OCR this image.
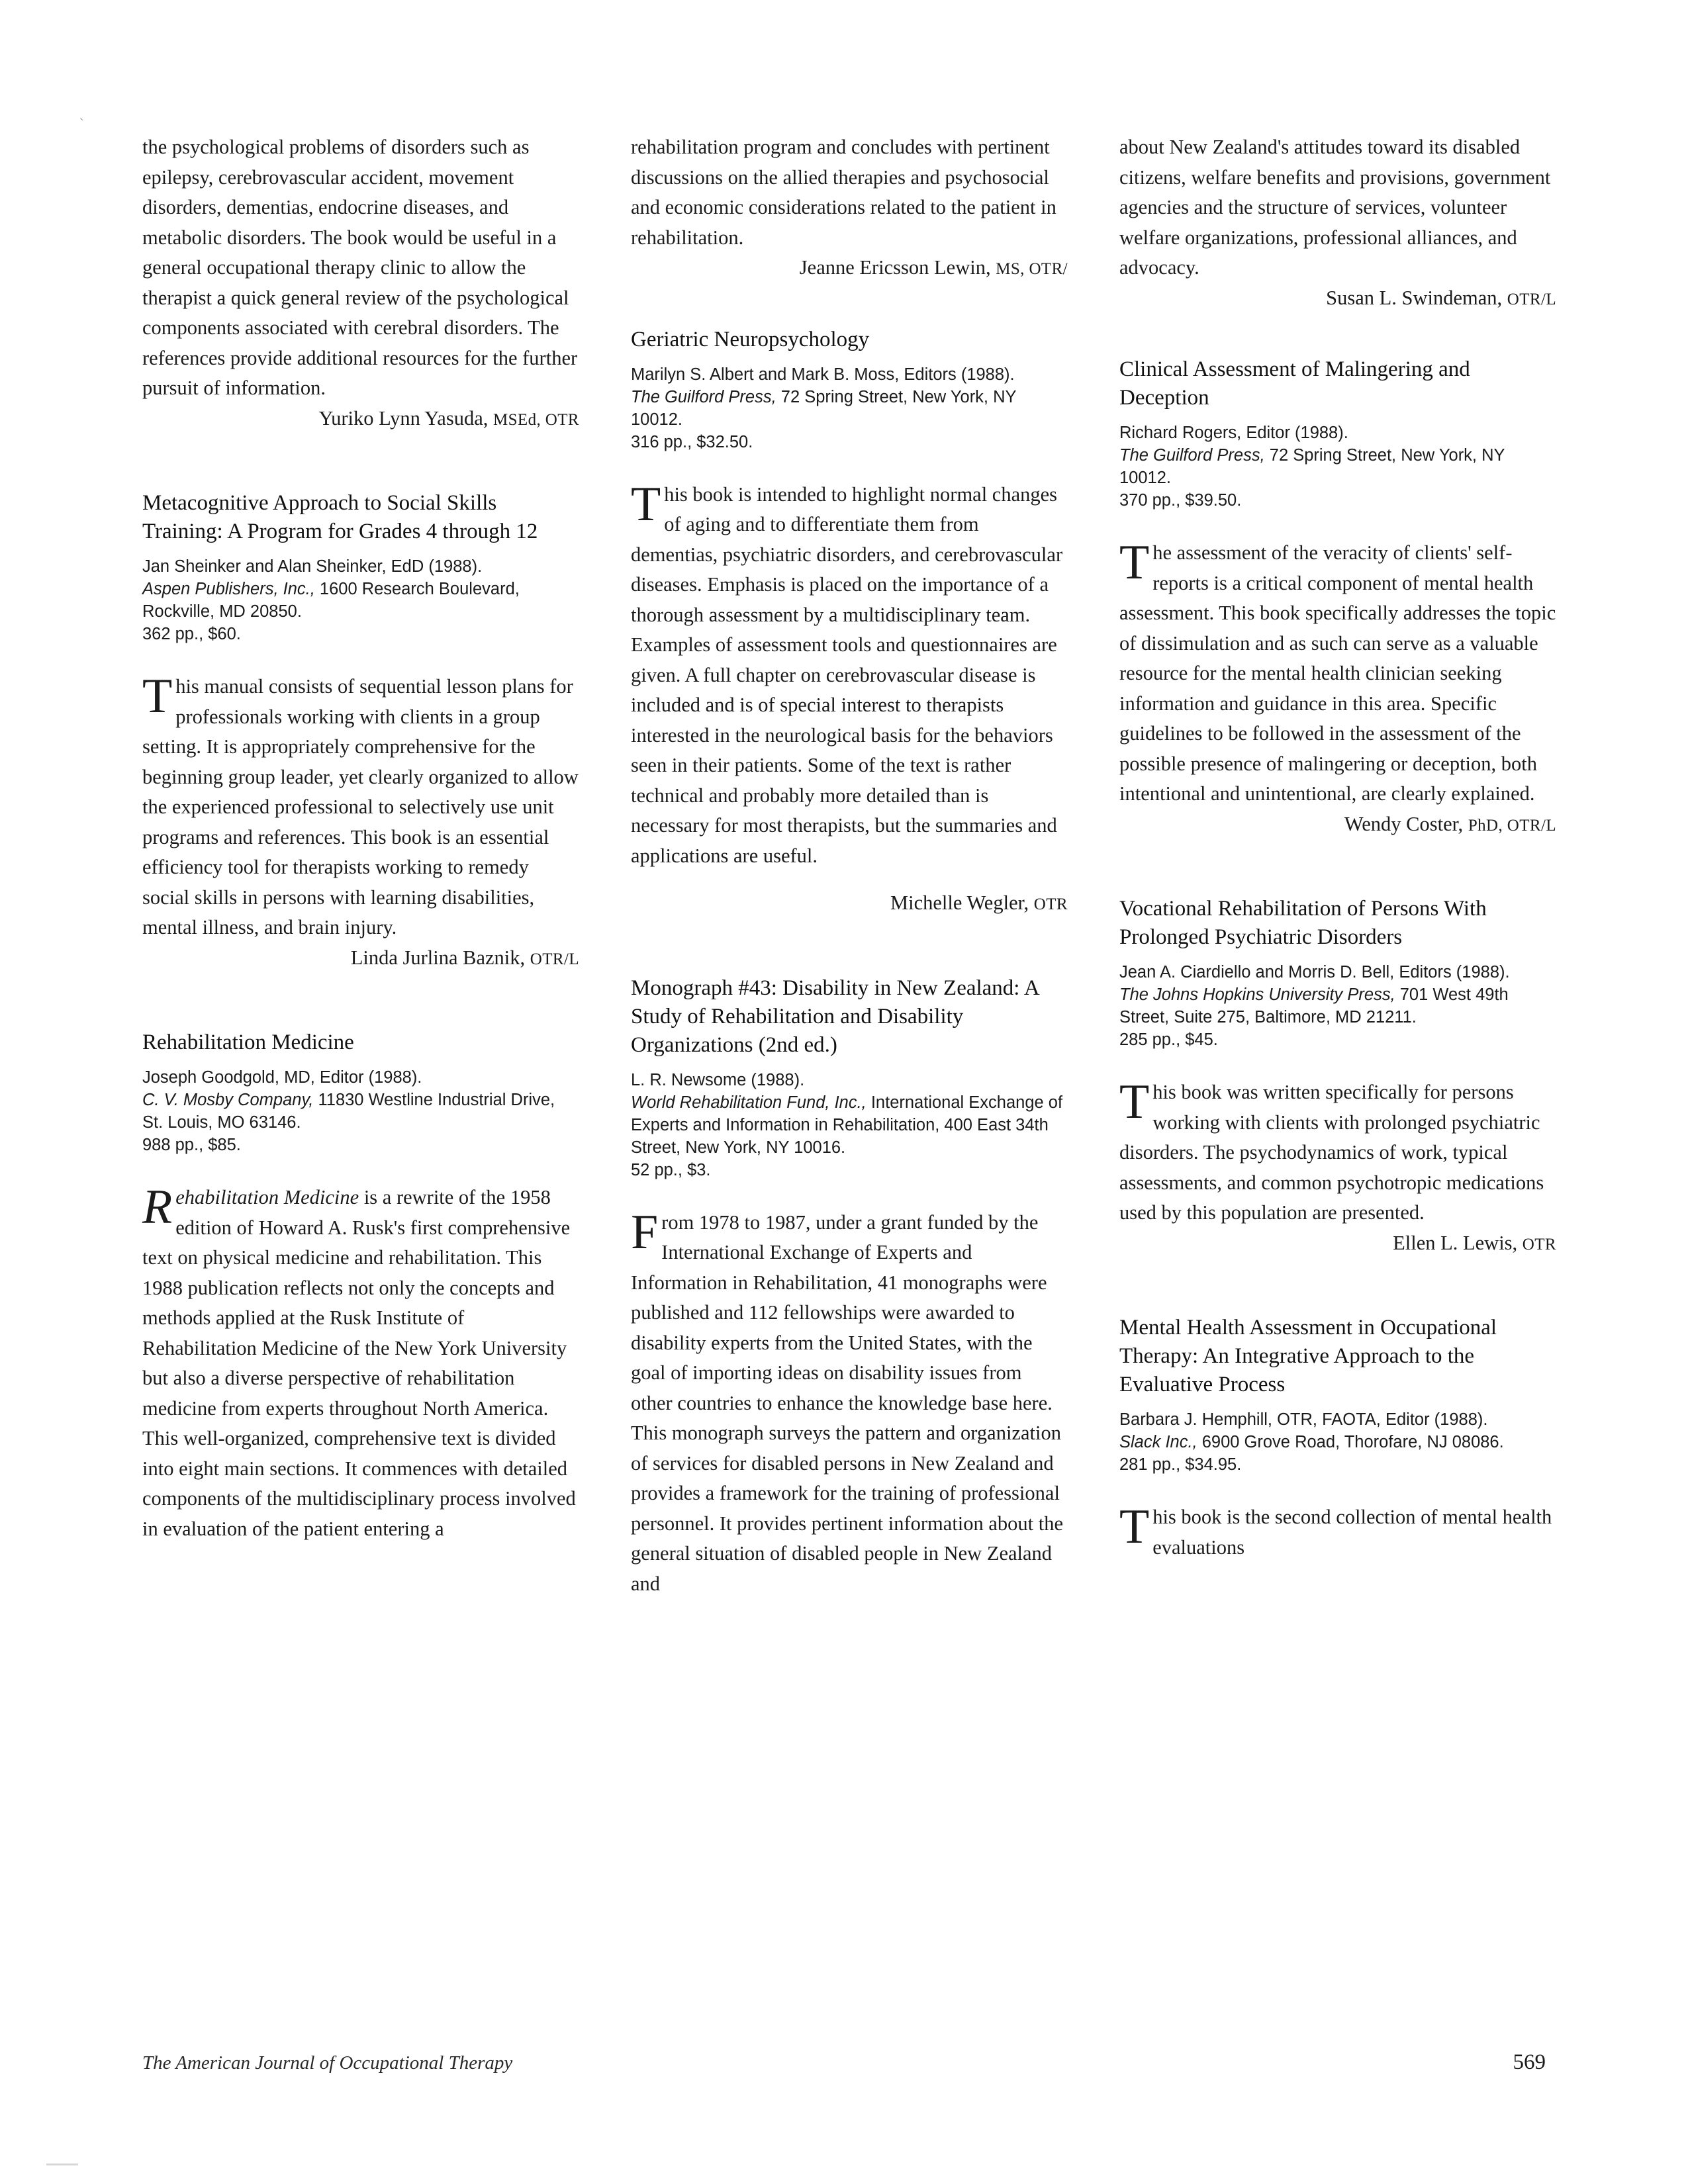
`

the psychological problems of disorders such as epilepsy, cerebrovascular accident, movement disorders, dementias, endocrine diseases, and metabolic disorders. The book would be useful in a general occupational therapy clinic to allow the therapist a quick general review of the psychological components associated with cerebral disorders. The references provide additional resources for the further pursuit of information.

Yuriko Lynn Yasuda, MSEd, OTR

Metacognitive Approach to Social Skills Training: A Program for Grades 4 through 12

Jan Sheinker and Alan Sheinker, EdD (1988).

Aspen Publishers, Inc., 1600 Research Boulevard, Rockville, MD 20850.

362 pp., $60.

This manual consists of sequential lesson plans for professionals working with clients in a group setting. It is appropriately comprehensive for the beginning group leader, yet clearly organized to allow the experienced professional to selectively use unit programs and references. This book is an essential efficiency tool for therapists working to remedy social skills in persons with learning disabilities, mental illness, and brain injury.

Linda Jurlina Baznik, OTR/L

Rehabilitation Medicine

Joseph Goodgold, MD, Editor (1988).

C. V. Mosby Company, 11830 Westline Industrial Drive, St. Louis, MO 63146.

988 pp., $85.

Rehabilitation Medicine is a rewrite of the 1958 edition of Howard A. Rusk's first comprehensive text on physical medicine and rehabilitation. This 1988 publication reflects not only the concepts and methods applied at the Rusk Institute of Rehabilitation Medicine of the New York University but also a diverse perspective of rehabilitation medicine from experts throughout North America. This well-organized, comprehensive text is divided into eight main sections. It commences with detailed components of the multidisciplinary process involved in evaluation of the patient entering a

rehabilitation program and concludes with pertinent discussions on the allied therapies and psychosocial and economic considerations related to the patient in rehabilitation.

Jeanne Ericsson Lewin, MS, OTR/

Geriatric Neuropsychology

Marilyn S. Albert and Mark B. Moss, Editors (1988).

The Guilford Press, 72 Spring Street, New York, NY 10012.

316 pp., $32.50.

This book is intended to highlight normal changes of aging and to differentiate them from dementias, psychiatric disorders, and cerebrovascular diseases. Emphasis is placed on the importance of a thorough assessment by a multidisciplinary team. Examples of assessment tools and questionnaires are given. A full chapter on cerebrovascular disease is included and is of special interest to therapists interested in the neurological basis for the behaviors seen in their patients. Some of the text is rather technical and probably more detailed than is necessary for most therapists, but the summaries and applications are useful.

Michelle Wegler, OTR

Monograph #43: Disability in New Zealand: A Study of Rehabilitation and Disability Organizations (2nd ed.)

L. R. Newsome (1988).

World Rehabilitation Fund, Inc., International Exchange of Experts and Information in Rehabilitation, 400 East 34th Street, New York, NY 10016.

52 pp., $3.

From 1978 to 1987, under a grant funded by the International Exchange of Experts and Information in Rehabilitation, 41 monographs were published and 112 fellowships were awarded to disability experts from the United States, with the goal of importing ideas on disability issues from other countries to enhance the knowledge base here. This monograph surveys the pattern and organization of services for disabled persons in New Zealand and provides a framework for the training of professional personnel. It provides pertinent information about the general situation of disabled people in New Zealand and

about New Zealand's attitudes toward its disabled citizens, welfare benefits and provisions, government agencies and the structure of services, volunteer welfare organizations, professional alliances, and advocacy.

Susan L. Swindeman, OTR/L

Clinical Assessment of Malingering and Deception

Richard Rogers, Editor (1988).

The Guilford Press, 72 Spring Street, New York, NY 10012.

370 pp., $39.50.

The assessment of the veracity of clients' self-reports is a critical component of mental health assessment. This book specifically addresses the topic of dissimulation and as such can serve as a valuable resource for the mental health clinician seeking information and guidance in this area. Specific guidelines to be followed in the assessment of the possible presence of malingering or deception, both intentional and unintentional, are clearly explained.

Wendy Coster, PhD, OTR/L

Vocational Rehabilitation of Persons With Prolonged Psychiatric Disorders

Jean A. Ciardiello and Morris D. Bell, Editors (1988).

The Johns Hopkins University Press, 701 West 49th Street, Suite 275, Baltimore, MD 21211.

285 pp., $45.

This book was written specifically for persons working with clients with prolonged psychiatric disorders. The psychodynamics of work, typical assessments, and common psychotropic medications used by this population are presented.

Ellen L. Lewis, OTR

Mental Health Assessment in Occupational Therapy: An Integrative Approach to the Evaluative Process

Barbara J. Hemphill, OTR, FAOTA, Editor (1988).

Slack Inc., 6900 Grove Road, Thorofare, NJ 08086.

281 pp., $34.95.

This book is the second collection of mental health evaluations

The American Journal of Occupational Therapy	569
